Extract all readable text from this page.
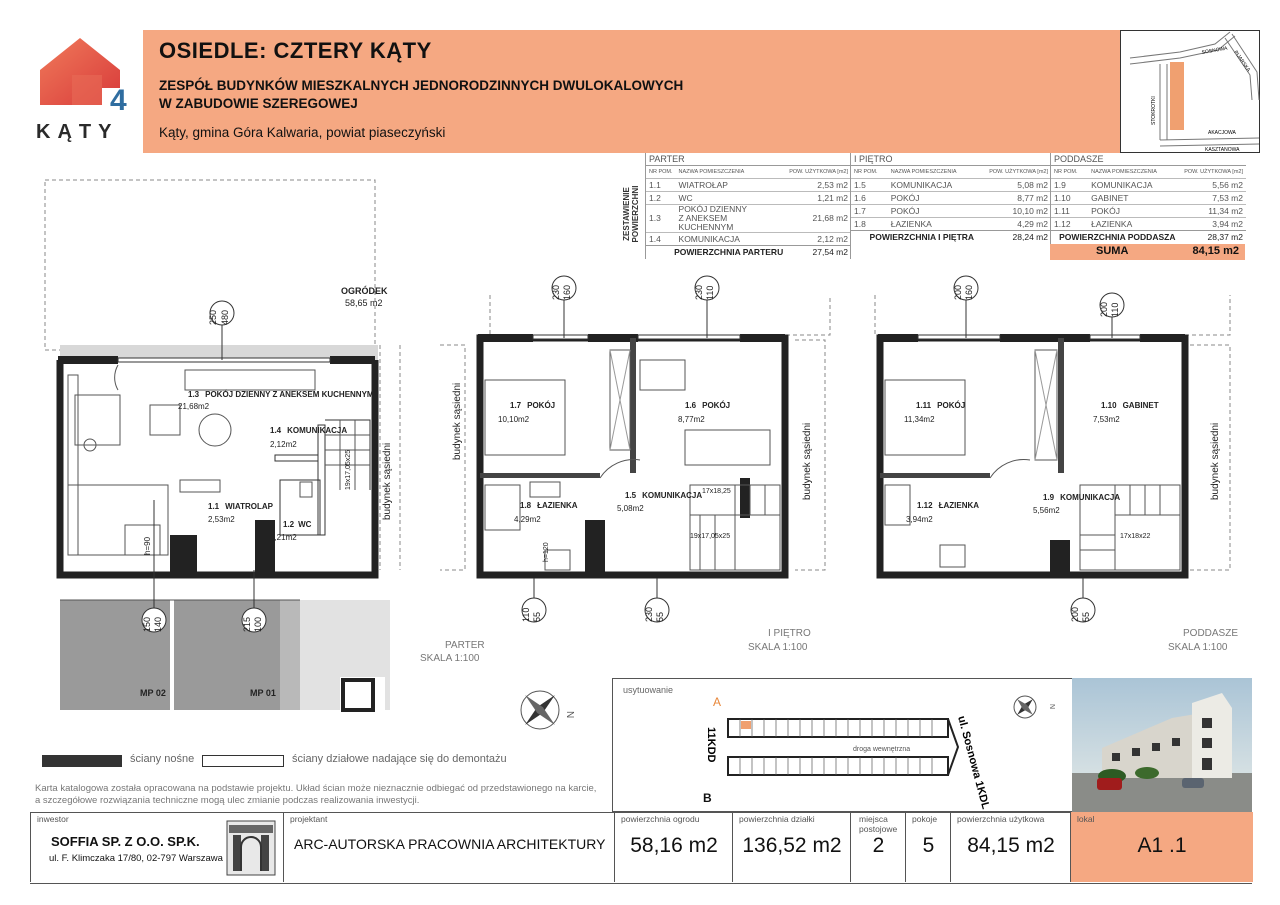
4
KĄTY
OSIEDLE: CZTERY KĄTY
ZESPÓŁ BUDYNKÓW MIESZKALNYCH JEDNORODZINNYCH DWULOKALOWYCH
W ZABUDOWIE SZEREGOWEJ
Kąty, gmina Góra Kalwaria, powiat piaseczyński
SOSNOWA PIJARSKA
STOKROTKI
AKACJOWA
KASZTANOWA
ZESTAWIENIE POWIERZCHNI
PARTER		
NR POM.	NAZWA POMIESZCZENIA	POW. UŻYTKOWA [m2]
1.1	WIATROŁAP	2,53 m2
1.2	WC	1,21 m2
1.3	POKÓJ DZIENNY
Z ANEKSEM KUCHENNYM	21,68 m2
1.4	KOMUNIKACJA	2,12 m2
POWIERZCHNIA PARTERU		27,54 m2
I PIĘTRO		
NR POM.	NAZWA POMIESZCZENIA	POW. UŻYTKOWA [m2]
1.5	KOMUNIKACJA	5,08 m2
1.6	POKÓJ	8,77 m2
1.7	POKÓJ	10,10 m2
1.8	ŁAZIENKA	4,29 m2
POWIERZCHNIA I PIĘTRA		28,24 m2
PODDASZE		
NR POM.	NAZWA POMIESZCZENIA	POW. UŻYTKOWA [m2]
1.9	KOMUNIKACJA	5,56 m2
1.10	GABINET	7,53 m2
1.11	POKÓJ	11,34 m2
1.12	ŁAZIENKA	3,94 m2
POWIERZCHNIA PODDASZA		28,37 m2
SUMA	84,15 m2
OGRÓDEK
58,65 m2
1.3 POKÓJ DZIENNY Z ANEKSEM KUCHENNYM
21,68m2
1.4 KOMUNIKACJA
2,12m2
1.1 WIATROLAP
2,53m2
1.2 WC
1,21m2
budynek sąsiedni
19x17,05x25
h=90
250 480
150 140	215 100
MP 02	MP 01
PARTER
SKALA 1:100
1.7 POKÓJ
10,10m2
1.6 POKÓJ
8,77m2
1.8 ŁAZIENKA
4,29m2
1.5 KOMUNIKACJA
5,08m2
budynek sąsiedni
budynek sąsiedni
17x18,25
19x17,05x25
h=120
230 160	230 110
110 55	230 55
I PIĘTRO
SKALA 1:100
1.11 POKÓJ
11,34m2
1.10 GABINET
7,53m2
1.12 ŁAZIENKA
3,94m2
1.9 KOMUNIKACJA
5,56m2
budynek sąsiedni
17x18x22
200 160
200 110
200 55
PODDASZE
SKALA 1:100
N
ściany nośne	ściany działowe nadające się do demontażu
Karta katalogowa została opracowana na podstawie projektu. Układ ścian może nieznacznie odbiegać od przedstawionego na karcie,
a szczegółowe rozwiązania techniczne mogą ulec zmianie podczas realizowania inwestycji.
usytuowanie
A
B
droga wewnętrzna	ul. Sosnowa 1KDL
11KDD
N
inwestor
SOFFIA SP. Z O.O. SP.K.
ul. F. Klimczaka 17/80, 02-797 Warszawa
projektant
ARC-AUTORSKA PRACOWNIA ARCHITEKTURY
powierzchnia ogrodu
58,16 m2
powierzchnia działki
136,52 m2
miejsca postojowe
2
pokoje
5
powierzchnia użytkowa
84,15 m2
lokal
A1 .1
